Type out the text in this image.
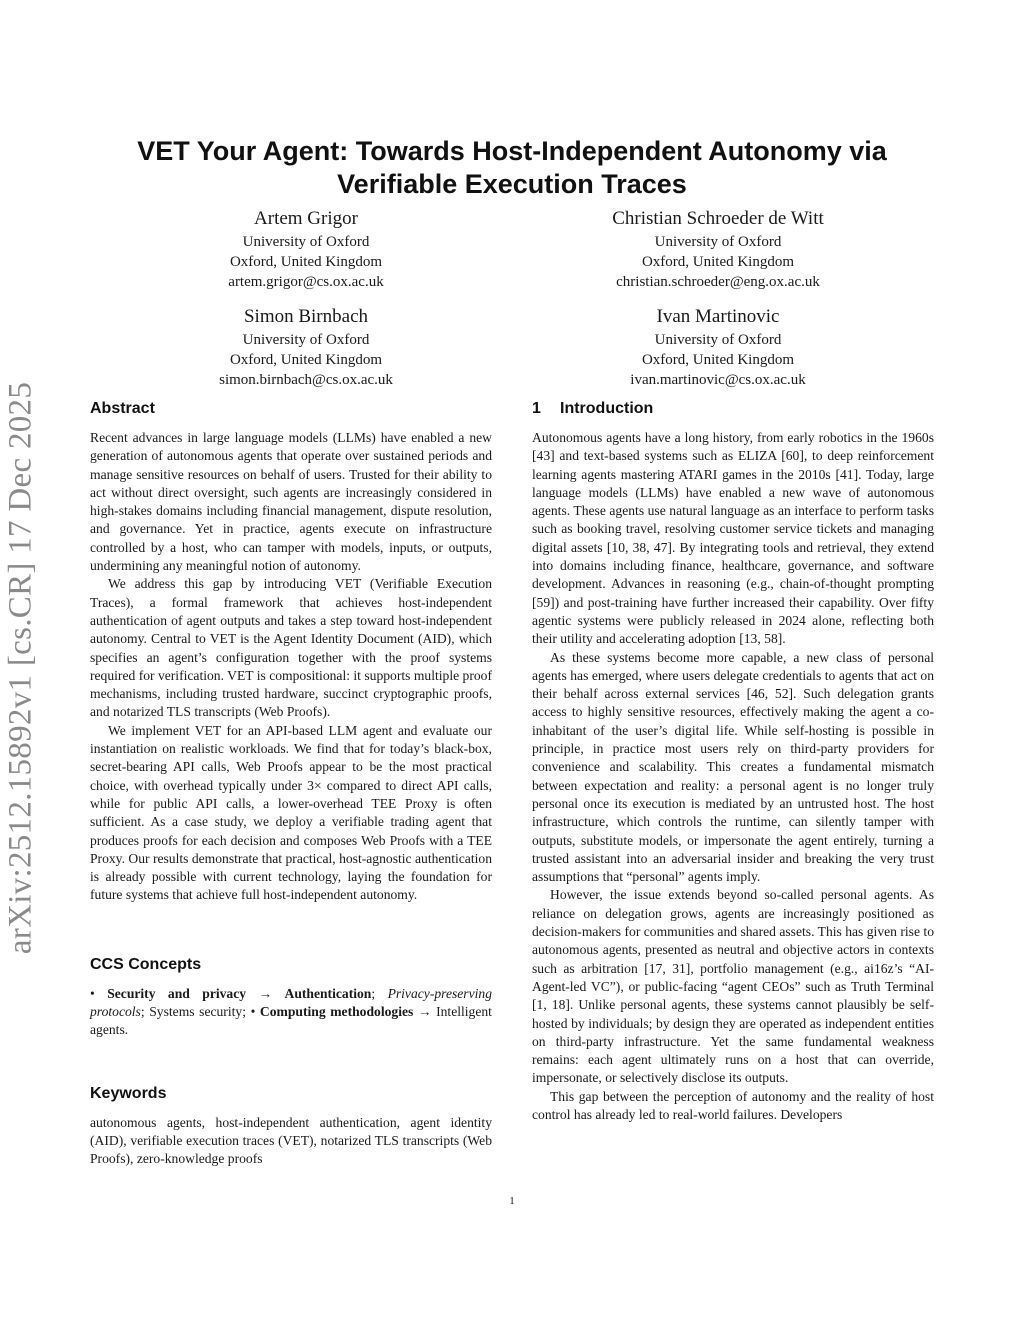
arXiv:2512.15892v1 [cs.CR] 17 Dec 2025
VET Your Agent: Towards Host-Independent Autonomy via Verifiable Execution Traces
Artem Grigor
University of Oxford
Oxford, United Kingdom
artem.grigor@cs.ox.ac.uk
Christian Schroeder de Witt
University of Oxford
Oxford, United Kingdom
christian.schroeder@eng.ox.ac.uk
Simon Birnbach
University of Oxford
Oxford, United Kingdom
simon.birnbach@cs.ox.ac.uk
Ivan Martinovic
University of Oxford
Oxford, United Kingdom
ivan.martinovic@cs.ox.ac.uk
Abstract

Recent advances in large language models (LLMs) have enabled a new generation of autonomous agents that operate over sustained periods and manage sensitive resources on behalf of users. Trusted for their ability to act without direct oversight, such agents are increasingly considered in high-stakes domains including financial management, dispute resolution, and governance. Yet in practice, agents execute on infrastructure controlled by a host, who can tamper with models, inputs, or outputs, undermining any meaningful notion of autonomy.

We address this gap by introducing VET (Verifiable Execution Traces), a formal framework that achieves host-independent authentication of agent outputs and takes a step toward host-independent autonomy. Central to VET is the Agent Identity Document (AID), which specifies an agent’s configuration together with the proof systems required for verification. VET is compositional: it supports multiple proof mechanisms, including trusted hardware, succinct cryptographic proofs, and notarized TLS transcripts (Web Proofs).

We implement VET for an API-based LLM agent and evaluate our instantiation on realistic workloads. We find that for today’s black-box, secret-bearing API calls, Web Proofs appear to be the most practical choice, with overhead typically under 3× compared to direct API calls, while for public API calls, a lower-overhead TEE Proxy is often sufficient. As a case study, we deploy a verifiable trading agent that produces proofs for each decision and composes Web Proofs with a TEE Proxy. Our results demonstrate that practical, host-agnostic authentication is already possible with current technology, laying the foundation for future systems that achieve full host-independent autonomy.

CCS Concepts

• Security and privacy → Authentication; Privacy-preserving protocols; Systems security; • Computing methodologies → Intelligent agents.

Keywords

autonomous agents, host-independent authentication, agent identity (AID), verifiable execution traces (VET), notarized TLS transcripts (Web Proofs), zero-knowledge proofs

1 Introduction

Autonomous agents have a long history, from early robotics in the 1960s [43] and text-based systems such as ELIZA [60], to deep reinforcement learning agents mastering ATARI games in the 2010s [41]. Today, large language models (LLMs) have enabled a new wave of autonomous agents. These agents use natural language as an interface to perform tasks such as booking travel, resolving customer service tickets and managing digital assets [10, 38, 47]. By integrating tools and retrieval, they extend into domains including finance, healthcare, governance, and software development. Advances in reasoning (e.g., chain-of-thought prompting [59]) and post-training have further increased their capability. Over fifty agentic systems were publicly released in 2024 alone, reflecting both their utility and accelerating adoption [13, 58].

As these systems become more capable, a new class of personal agents has emerged, where users delegate credentials to agents that act on their behalf across external services [46, 52]. Such delegation grants access to highly sensitive resources, effectively making the agent a co-inhabitant of the user’s digital life. While self-hosting is possible in principle, in practice most users rely on third-party providers for convenience and scalability. This creates a fundamental mismatch between expectation and reality: a personal agent is no longer truly personal once its execution is mediated by an untrusted host. The host infrastructure, which controls the runtime, can silently tamper with outputs, substitute models, or impersonate the agent entirely, turning a trusted assistant into an adversarial insider and breaking the very trust assumptions that “personal” agents imply.

However, the issue extends beyond so-called personal agents. As reliance on delegation grows, agents are increasingly positioned as decision-makers for communities and shared assets. This has given rise to autonomous agents, presented as neutral and objective actors in contexts such as arbitration [17, 31], portfolio management (e.g., ai16z’s “AI-Agent-led VC”), or public-facing “agent CEOs” such as Truth Terminal [1, 18]. Unlike personal agents, these systems cannot plausibly be self-hosted by individuals; by design they are operated as independent entities on third-party infrastructure. Yet the same fundamental weakness remains: each agent ultimately runs on a host that can override, impersonate, or selectively disclose its outputs.

This gap between the perception of autonomy and the reality of host control has already led to real-world failures. Developers

1
